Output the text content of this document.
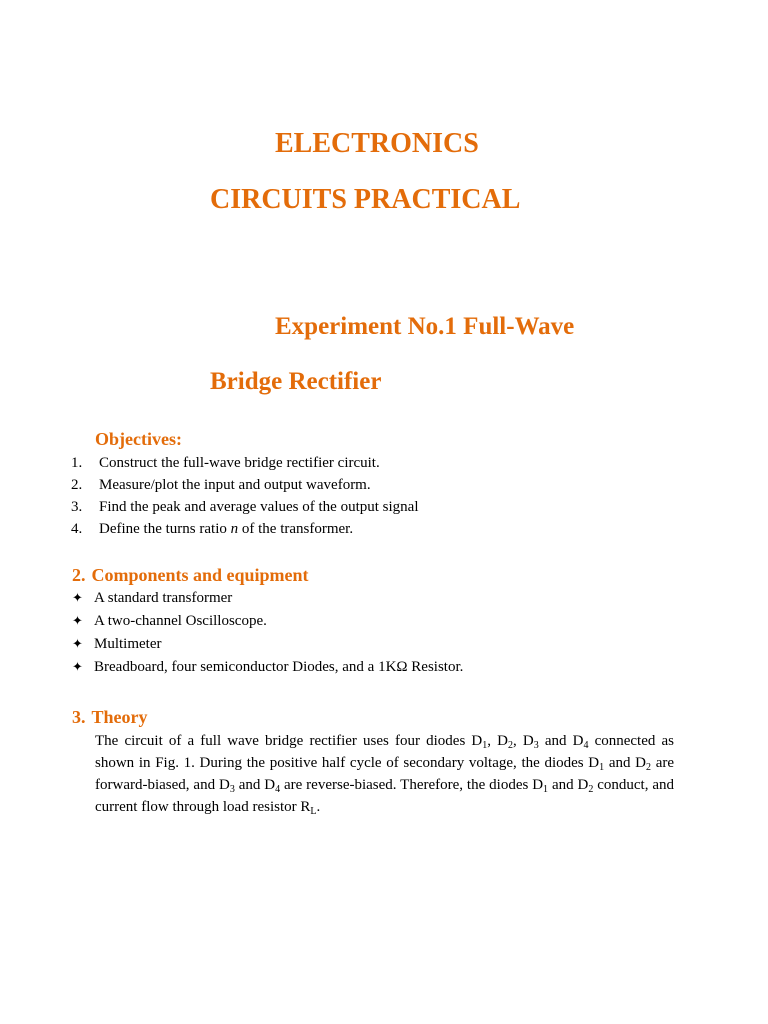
ELECTRONICS
CIRCUITS PRACTICAL
Experiment No.1 Full-Wave
Bridge Rectifier
Objectives:
1.	Construct the full-wave bridge rectifier circuit.
2.	Measure/plot the input and output waveform.
3.	Find the peak and average values of the output signal
4.	Define the turns ratio n of the transformer.
2. Components and equipment
✦ A standard transformer
✦ A two-channel Oscilloscope.
✦ Multimeter
✦ Breadboard, four semiconductor Diodes, and a 1KΩ Resistor.
3. Theory
The circuit of a full wave bridge rectifier uses four diodes $D_1$, $D_2$, $D_3$ and $D_4$ connected as shown in Fig. 1. During the positive half cycle of secondary voltage, the diodes $D_1$ and $D_2$ are forward-biased, and $D_3$ and $D_4$ are reverse-biased. Therefore, the diodes $D_1$ and $D_2$ conduct, and current flow through load resistor $R_L$.
